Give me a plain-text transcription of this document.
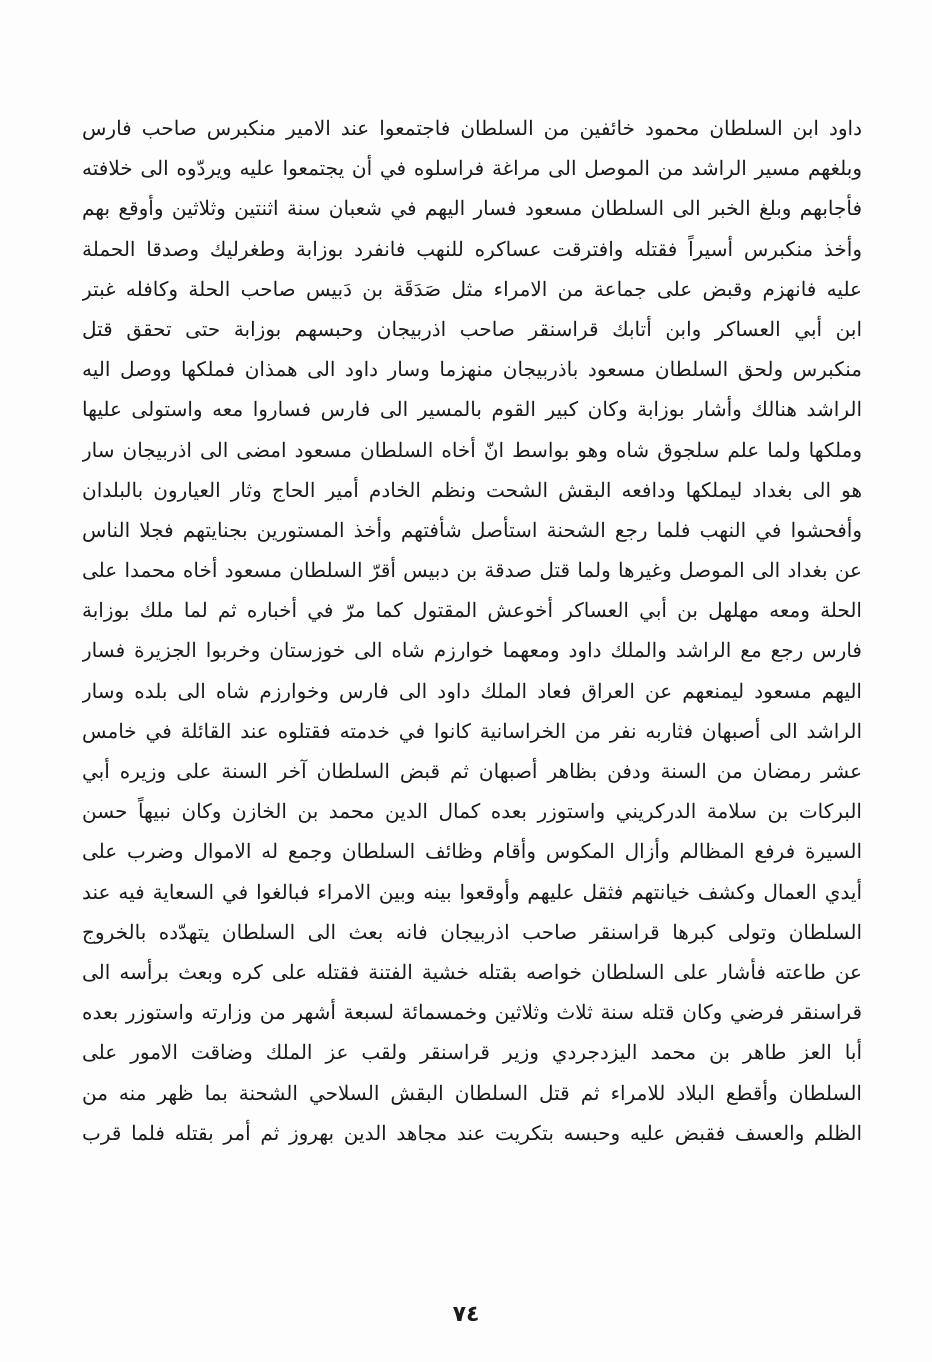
داود ابن السلطان محمود خائفين من السلطان فاجتمعوا عند الامير منكبرس صاحب فارس
وبلغهم مسير الراشد من الموصل الى مراغة فراسلوه في أن يجتمعوا عليه ويردّوه الى خلافته
فأجابهم وبلغ الخبر الى السلطان مسعود فسار اليهم في شعبان سنة اثنتين وثلاثين وأوقع بهم
وأخذ منكبرس أسيراً فقتله وافترقت عساكره للنهب فانفرد بوزابة وطغرليك وصدقا الحملة
عليه فانهزم وقبض على جماعة من الامراء مثل صَدَقَة بن دَبيس صاحب الحلة وكافله غبتر
ابن أبي العساكر وابن أتابك قراسنقر صاحب اذربيجان وحبسهم بوزابة حتى تحقق قتل
منكبرس ولحق السلطان مسعود باذربيجان منهزما وسار داود الى همذان فملكها ووصل اليه
الراشد هنالك وأشار بوزابة وكان كبير القوم بالمسير الى فارس فساروا معه واستولى عليها
وملكها ولما علم سلجوق شاه وهو بواسط انّ أخاه السلطان مسعود امضى الى اذربيجان سار
هو الى بغداد ليملكها ودافعه البقش الشحت ونظم الخادم أمير الحاج وثار العيارون بالبلدان
وأفحشوا في النهب فلما رجع الشحنة استأصل شأفتهم وأخذ المستورين بجنايتهم فجلا الناس
عن بغداد الى الموصل وغيرها ولما قتل صدقة بن دبيس أقرّ السلطان مسعود أخاه محمدا على
الحلة ومعه مهلهل بن أبي العساكر أخوعش المقتول كما مرّ في أخباره ثم لما ملك بوزابة
فارس رجع مع الراشد والملك داود ومعهما خوارزم شاه الى خوزستان وخربوا الجزيرة فسار
اليهم مسعود ليمنعهم عن العراق فعاد الملك داود الى فارس وخوارزم شاه الى بلده وسار
الراشد الى أصبهان فثاربه نفر من الخراسانية كانوا في خدمته فقتلوه عند القائلة في خامس
عشر رمضان من السنة ودفن بظاهر أصبهان ثم قبض السلطان آخر السنة على وزيره أبي
البركات بن سلامة الدركريني واستوزر بعده كمال الدين محمد بن الخازن وكان نبيهاً حسن
السيرة فرفع المظالم وأزال المكوس وأقام وظائف السلطان وجمع له الاموال وضرب على
أيدي العمال وكشف خيانتهم فثقل عليهم وأوقعوا بينه وبين الامراء فبالغوا في السعاية فيه عند
السلطان وتولى كبرها قراسنقر صاحب اذربيجان فانه بعث الى السلطان يتهدّده بالخروج
عن طاعته فأشار على السلطان خواصه بقتله خشية الفتنة فقتله على كره وبعث برأسه الى
قراسنقر فرضي وكان قتله سنة ثلاث وثلاثين وخمسمائة لسبعة أشهر من وزارته واستوزر بعده
أبا العز طاهر بن محمد اليزدجردي وزير قراسنقر ولقب عز الملك وضاقت الامور على
السلطان وأقطع البلاد للامراء ثم قتل السلطان البقش السلاحي الشحنة بما ظهر منه من
الظلم والعسف فقبض عليه وحبسه بتكريت عند مجاهد الدين بهروز ثم أمر بقتله فلما قرب
٧٤
